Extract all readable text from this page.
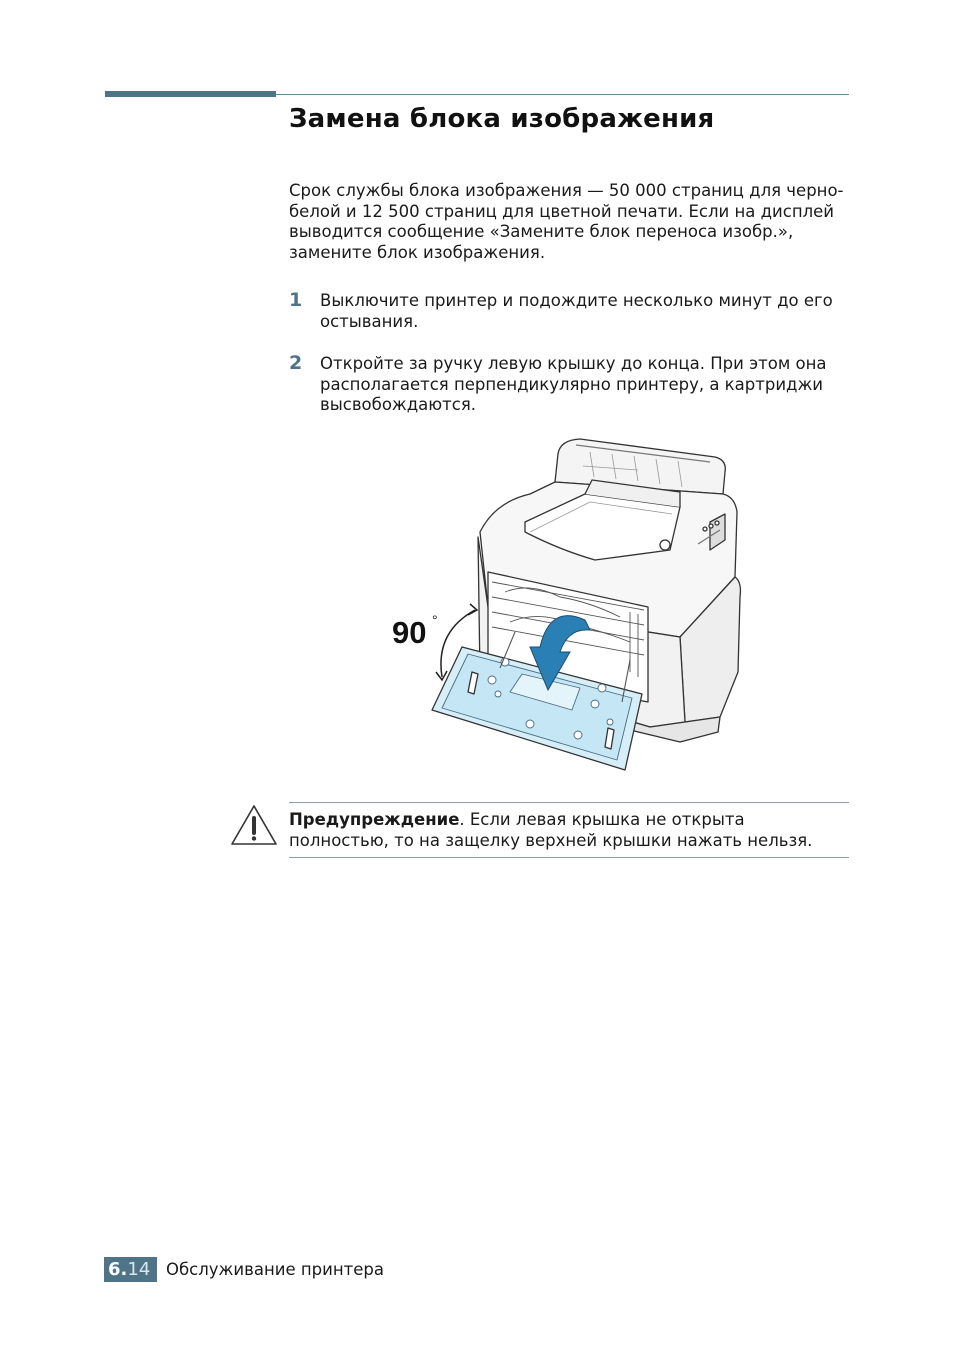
Замена блока изображения

Срок службы блока изображения — 50 000 страниц для черно-белой и 12 500 страниц для цветной печати. Если на дисплей выводится сообщение «Замените блок переноса изобр.», замените блок изображения.

1 Выключите принтер и подождите несколько минут до его остывания.

2 Откройте за ручку левую крышку до конца. При этом она располагается перпендикулярно принтеру, а картриджи высвобождаются.

90 °

Предупреждение. Если левая крышка не открыта полностью, то на защелку верхней крышки нажать нельзя.

6.14 Обслуживание принтера
